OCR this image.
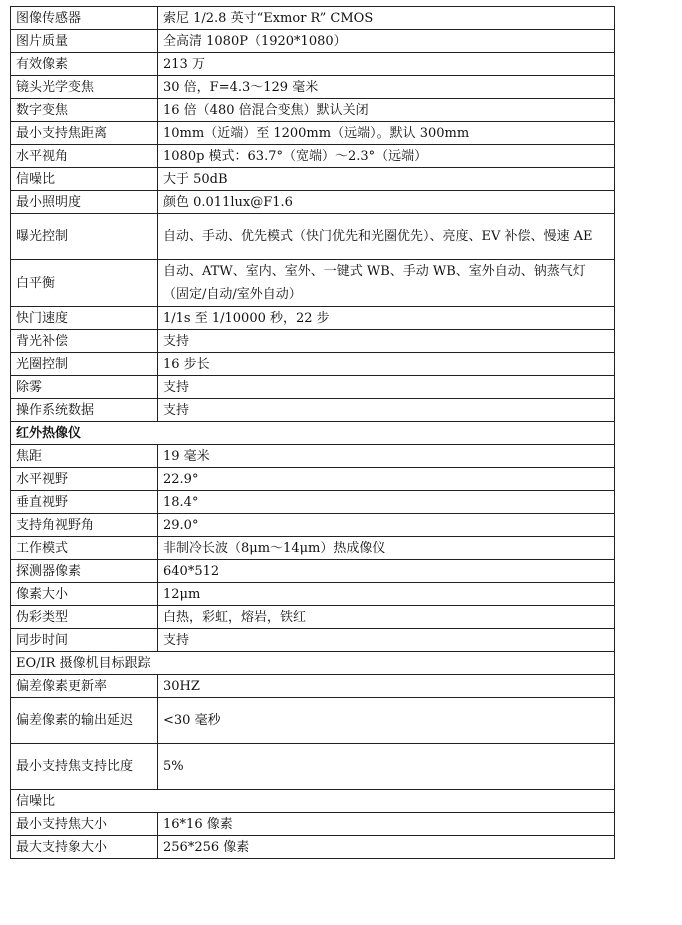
图像传感器	索尼 1/2.8 英寸“Exmor R” CMOS
图片质量	全高清 1080P（1920*1080）
有效像素	213 万
镜头光学变焦	30 倍，F=4.3～129 毫米
数字变焦	16 倍（480 倍混合变焦）默认关闭
最小支持焦距离	10mm（近端）至 1200mm（远端）。默认 300mm
水平视角	1080p 模式：63.7°（宽端）～2.3°（远端）
信噪比	大于 50dB
最小照明度	颜色 0.011lux@F1.6
曝光控制	自动、手动、优先模式（快门优先和光圈优先）、亮度、EV 补偿、慢速 AE
白平衡	自动、ATW、室内、室外、一键式 WB、手动 WB、室外自动、钠蒸气灯（固定/自动/室外自动）
快门速度	1/1s 至 1/10000 秒，22 步
背光补偿	支持
光圈控制	16 步长
除雾	支持
操作系统数据	支持
红外热像仪	
焦距	19 毫米
水平视野	22.9°
垂直视野	18.4°
支持角视野角	29.0°
工作模式	非制冷长波（8μm～14μm）热成像仪
探测器像素	640*512
像素大小	12μm
伪彩类型	白热，彩虹，熔岩，铁红
同步时间	支持
EO/IR 摄像机目标跟踪	
偏差像素更新率	30HZ
偏差像素的输出延迟	<30 毫秒
最小支持焦支持比度	5%
信噪比	
最小支持焦大小	16*16 像素
最大支持象大小	256*256 像素
